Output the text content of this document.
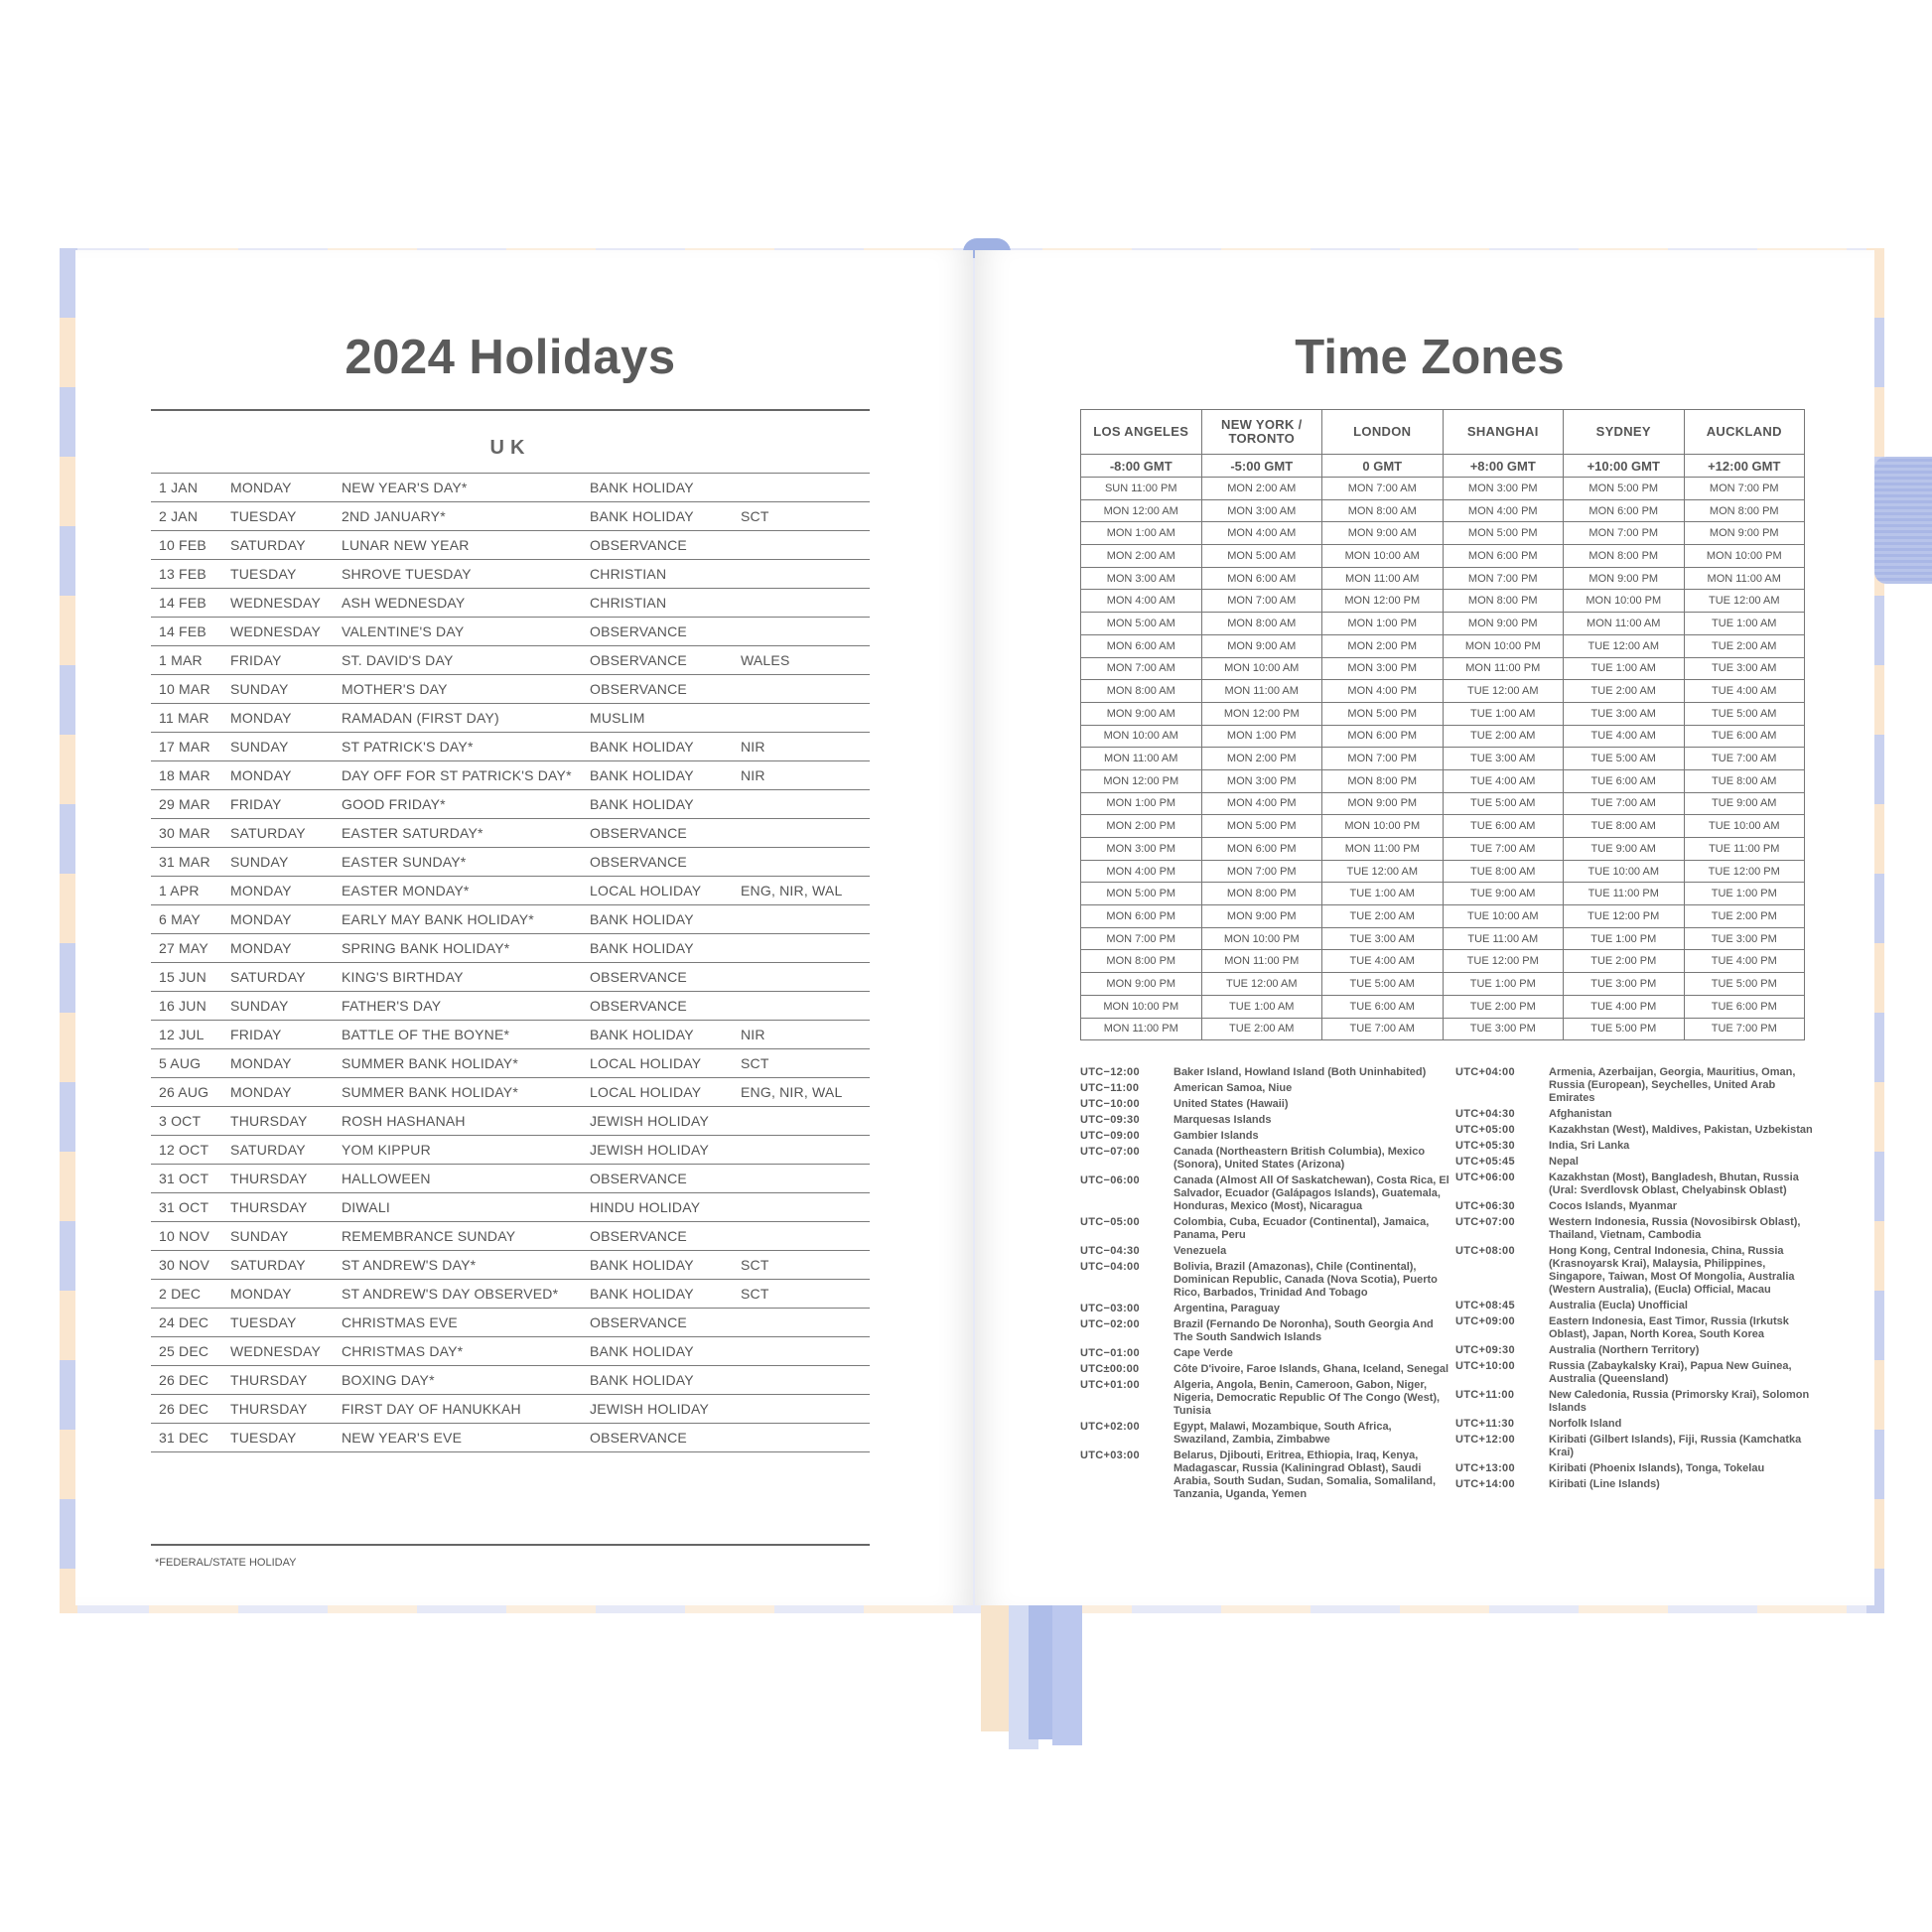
2024 Holidays
UK
1 JAN	MONDAY	NEW YEAR'S DAY*	BANK HOLIDAY	
2 JAN	TUESDAY	2ND JANUARY*	BANK HOLIDAY	SCT
10 FEB	SATURDAY	LUNAR NEW YEAR	OBSERVANCE	
13 FEB	TUESDAY	SHROVE TUESDAY	CHRISTIAN	
14 FEB	WEDNESDAY	ASH WEDNESDAY	CHRISTIAN	
14 FEB	WEDNESDAY	VALENTINE'S DAY	OBSERVANCE	
1 MAR	FRIDAY	ST. DAVID'S DAY	OBSERVANCE	WALES
10 MAR	SUNDAY	MOTHER'S DAY	OBSERVANCE	
11 MAR	MONDAY	RAMADAN (FIRST DAY)	MUSLIM	
17 MAR	SUNDAY	ST PATRICK'S DAY*	BANK HOLIDAY	NIR
18 MAR	MONDAY	DAY OFF FOR ST PATRICK'S DAY*	BANK HOLIDAY	NIR
29 MAR	FRIDAY	GOOD FRIDAY*	BANK HOLIDAY	
30 MAR	SATURDAY	EASTER SATURDAY*	OBSERVANCE	
31 MAR	SUNDAY	EASTER SUNDAY*	OBSERVANCE	
1 APR	MONDAY	EASTER MONDAY*	LOCAL HOLIDAY	ENG, NIR, WAL
6 MAY	MONDAY	EARLY MAY BANK HOLIDAY*	BANK HOLIDAY	
27 MAY	MONDAY	SPRING BANK HOLIDAY*	BANK HOLIDAY	
15 JUN	SATURDAY	KING'S BIRTHDAY	OBSERVANCE	
16 JUN	SUNDAY	FATHER'S DAY	OBSERVANCE	
12 JUL	FRIDAY	BATTLE OF THE BOYNE*	BANK HOLIDAY	NIR
5 AUG	MONDAY	SUMMER BANK HOLIDAY*	LOCAL HOLIDAY	SCT
26 AUG	MONDAY	SUMMER BANK HOLIDAY*	LOCAL HOLIDAY	ENG, NIR, WAL
3 OCT	THURSDAY	ROSH HASHANAH	JEWISH HOLIDAY	
12 OCT	SATURDAY	YOM KIPPUR	JEWISH HOLIDAY	
31 OCT	THURSDAY	HALLOWEEN	OBSERVANCE	
31 OCT	THURSDAY	DIWALI	HINDU HOLIDAY	
10 NOV	SUNDAY	REMEMBRANCE SUNDAY	OBSERVANCE	
30 NOV	SATURDAY	ST ANDREW'S DAY*	BANK HOLIDAY	SCT
2 DEC	MONDAY	ST ANDREW'S DAY OBSERVED*	BANK HOLIDAY	SCT
24 DEC	TUESDAY	CHRISTMAS EVE	OBSERVANCE	
25 DEC	WEDNESDAY	CHRISTMAS DAY*	BANK HOLIDAY	
26 DEC	THURSDAY	BOXING DAY*	BANK HOLIDAY	
26 DEC	THURSDAY	FIRST DAY OF HANUKKAH	JEWISH HOLIDAY	
31 DEC	TUESDAY	NEW YEAR'S EVE	OBSERVANCE	
*FEDERAL/STATE HOLIDAY
Time Zones
LOS ANGELES	NEW YORK / TORONTO	LONDON	SHANGHAI	SYDNEY	AUCKLAND
-8:00 GMT	-5:00 GMT	0 GMT	+8:00 GMT	+10:00 GMT	+12:00 GMT
SUN 11:00 PM	MON 2:00 AM	MON 7:00 AM	MON 3:00 PM	MON 5:00 PM	MON 7:00 PM
MON 12:00 AM	MON 3:00 AM	MON 8:00 AM	MON 4:00 PM	MON 6:00 PM	MON 8:00 PM
MON 1:00 AM	MON 4:00 AM	MON 9:00 AM	MON 5:00 PM	MON 7:00 PM	MON 9:00 PM
MON 2:00 AM	MON 5:00 AM	MON 10:00 AM	MON 6:00 PM	MON 8:00 PM	MON 10:00 PM
MON 3:00 AM	MON 6:00 AM	MON 11:00 AM	MON 7:00 PM	MON 9:00 PM	MON 11:00 AM
MON 4:00 AM	MON 7:00 AM	MON 12:00 PM	MON 8:00 PM	MON 10:00 PM	TUE 12:00 AM
MON 5:00 AM	MON 8:00 AM	MON 1:00 PM	MON 9:00 PM	MON 11:00 AM	TUE 1:00 AM
MON 6:00 AM	MON 9:00 AM	MON 2:00 PM	MON 10:00 PM	TUE 12:00 AM	TUE 2:00 AM
MON 7:00 AM	MON 10:00 AM	MON 3:00 PM	MON 11:00 PM	TUE 1:00 AM	TUE 3:00 AM
MON 8:00 AM	MON 11:00 AM	MON 4:00 PM	TUE 12:00 AM	TUE 2:00 AM	TUE 4:00 AM
MON 9:00 AM	MON 12:00 PM	MON 5:00 PM	TUE 1:00 AM	TUE 3:00 AM	TUE 5:00 AM
MON 10:00 AM	MON 1:00 PM	MON 6:00 PM	TUE 2:00 AM	TUE 4:00 AM	TUE 6:00 AM
MON 11:00 AM	MON 2:00 PM	MON 7:00 PM	TUE 3:00 AM	TUE 5:00 AM	TUE 7:00 AM
MON 12:00 PM	MON 3:00 PM	MON 8:00 PM	TUE 4:00 AM	TUE 6:00 AM	TUE 8:00 AM
MON 1:00 PM	MON 4:00 PM	MON 9:00 PM	TUE 5:00 AM	TUE 7:00 AM	TUE 9:00 AM
MON 2:00 PM	MON 5:00 PM	MON 10:00 PM	TUE 6:00 AM	TUE 8:00 AM	TUE 10:00 AM
MON 3:00 PM	MON 6:00 PM	MON 11:00 PM	TUE 7:00 AM	TUE 9:00 AM	TUE 11:00 PM
MON 4:00 PM	MON 7:00 PM	TUE 12:00 AM	TUE 8:00 AM	TUE 10:00 AM	TUE 12:00 PM
MON 5:00 PM	MON 8:00 PM	TUE 1:00 AM	TUE 9:00 AM	TUE 11:00 PM	TUE 1:00 PM
MON 6:00 PM	MON 9:00 PM	TUE 2:00 AM	TUE 10:00 AM	TUE 12:00 PM	TUE 2:00 PM
MON 7:00 PM	MON 10:00 PM	TUE 3:00 AM	TUE 11:00 AM	TUE 1:00 PM	TUE 3:00 PM
MON 8:00 PM	MON 11:00 PM	TUE 4:00 AM	TUE 12:00 PM	TUE 2:00 PM	TUE 4:00 PM
MON 9:00 PM	TUE 12:00 AM	TUE 5:00 AM	TUE 1:00 PM	TUE 3:00 PM	TUE 5:00 PM
MON 10:00 PM	TUE 1:00 AM	TUE 6:00 AM	TUE 2:00 PM	TUE 4:00 PM	TUE 6:00 PM
MON 11:00 PM	TUE 2:00 AM	TUE 7:00 AM	TUE 3:00 PM	TUE 5:00 PM	TUE 7:00 PM
UTC−12:00	Baker Island, Howland Island (Both Uninhabited)
UTC−11:00	American Samoa, Niue
UTC−10:00	United States (Hawaii)
UTC−09:30	Marquesas Islands
UTC−09:00	Gambier Islands
UTC−07:00	Canada (Northeastern British Columbia), Mexico (Sonora), United States (Arizona)
UTC−06:00	Canada (Almost All Of Saskatchewan), Costa Rica, El Salvador, Ecuador (Galápagos Islands), Guatemala, Honduras, Mexico (Most), Nicaragua
UTC−05:00	Colombia, Cuba, Ecuador (Continental), Jamaica, Panama, Peru
UTC−04:30	Venezuela
UTC−04:00	Bolivia, Brazil (Amazonas), Chile (Continental), Dominican Republic, Canada (Nova Scotia), Puerto Rico, Barbados, Trinidad And Tobago
UTC−03:00	Argentina, Paraguay
UTC−02:00	Brazil (Fernando De Noronha), South Georgia And The South Sandwich Islands
UTC−01:00	Cape Verde
UTC±00:00	Côte D'ivoire, Faroe Islands, Ghana, Iceland, Senegal
UTC+01:00	Algeria, Angola, Benin, Cameroon, Gabon, Niger, Nigeria, Democratic Republic Of The Congo (West), Tunisia
UTC+02:00	Egypt, Malawi, Mozambique, South Africa, Swaziland, Zambia, Zimbabwe
UTC+03:00	Belarus, Djibouti, Eritrea, Ethiopia, Iraq, Kenya, Madagascar, Russia (Kaliningrad Oblast), Saudi Arabia, South Sudan, Sudan, Somalia, Somaliland, Tanzania, Uganda, Yemen
UTC+04:00	Armenia, Azerbaijan, Georgia, Mauritius, Oman, Russia (European), Seychelles, United Arab Emirates
UTC+04:30	Afghanistan
UTC+05:00	Kazakhstan (West), Maldives, Pakistan, Uzbekistan
UTC+05:30	India, Sri Lanka
UTC+05:45	Nepal
UTC+06:00	Kazakhstan (Most), Bangladesh, Bhutan, Russia (Ural: Sverdlovsk Oblast, Chelyabinsk Oblast)
UTC+06:30	Cocos Islands, Myanmar
UTC+07:00	Western Indonesia, Russia (Novosibirsk Oblast), Thailand, Vietnam, Cambodia
UTC+08:00	Hong Kong, Central Indonesia, China, Russia (Krasnoyarsk Krai), Malaysia, Philippines, Singapore, Taiwan, Most Of Mongolia, Australia (Western Australia), (Eucla) Official, Macau
UTC+08:45	Australia (Eucla) Unofficial
UTC+09:00	Eastern Indonesia, East Timor, Russia (Irkutsk Oblast), Japan, North Korea, South Korea
UTC+09:30	Australia (Northern Territory)
UTC+10:00	Russia (Zabaykalsky Krai), Papua New Guinea, Australia (Queensland)
UTC+11:00	New Caledonia, Russia (Primorsky Krai), Solomon Islands
UTC+11:30	Norfolk Island
UTC+12:00	Kiribati (Gilbert Islands), Fiji, Russia (Kamchatka Krai)
UTC+13:00	Kiribati (Phoenix Islands), Tonga, Tokelau
UTC+14:00	Kiribati (Line Islands)
